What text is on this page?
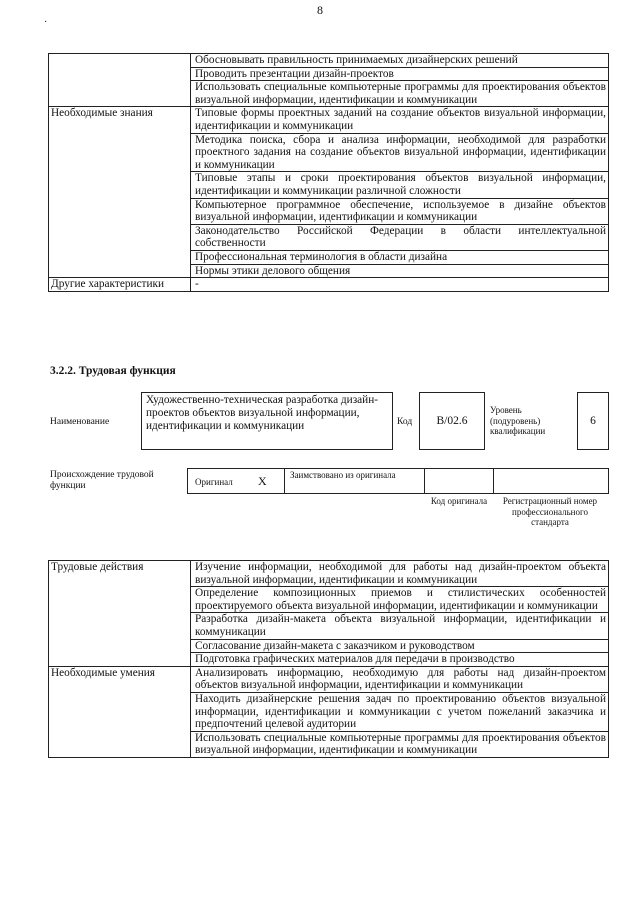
·
8
	Обосновывать правильность принимаемых дизайнерских решений
	Проводить презентации дизайн-проектов
	Использовать специальные компьютерные программы для проектирования объектов визуальной информации, идентификации и коммуникации
Необходимые знания	Типовые формы проектных заданий на создание объектов визуальной информации, идентификации и коммуникации
	Методика поиска, сбора и анализа информации, необходимой для разработки проектного задания на создание объектов визуальной информации, идентификации и коммуникации
	Типовые этапы и сроки проектирования объектов визуальной информации, идентификации и коммуникации различной сложности
	Компьютерное программное обеспечение, используемое в дизайне объектов визуальной информации, идентификации и коммуникации
	Законодательство Российской Федерации в области интеллектуальной собственности
	Профессиональная терминология в области дизайна
	Нормы этики делового общения
Другие характеристики	-
3.2.2. Трудовая функция
Наименование
Художественно-техническая разработка дизайн-проектов объектов визуальной информации, идентификации и коммуникации	Код	В/02.6
Уровень (подуровень) квалификации
6
Происхождение трудовой функции	Оригинал X	Заимствовано из оригинала
Код оригинала	Регистрационный номер профессионального стандарта
Трудовые действия	Изучение информации, необходимой для работы над дизайн-проектом объекта визуальной информации, идентификации и коммуникации
	Определение композиционных приемов и стилистических особенностей проектируемого объекта визуальной информации, идентификации и коммуникации
	Разработка дизайн-макета объекта визуальной информации, идентификации и коммуникации
	Согласование дизайн-макета с заказчиком и руководством
	Подготовка графических материалов для передачи в производство
Необходимые умения	Анализировать информацию, необходимую для работы над дизайн-проектом объектов визуальной информации, идентификации и коммуникации
	Находить дизайнерские решения задач по проектированию объектов визуальной информации, идентификации и коммуникации с учетом пожеланий заказчика и предпочтений целевой аудитории
	Использовать специальные компьютерные программы для проектирования объектов визуальной информации, идентификации и коммуникации
